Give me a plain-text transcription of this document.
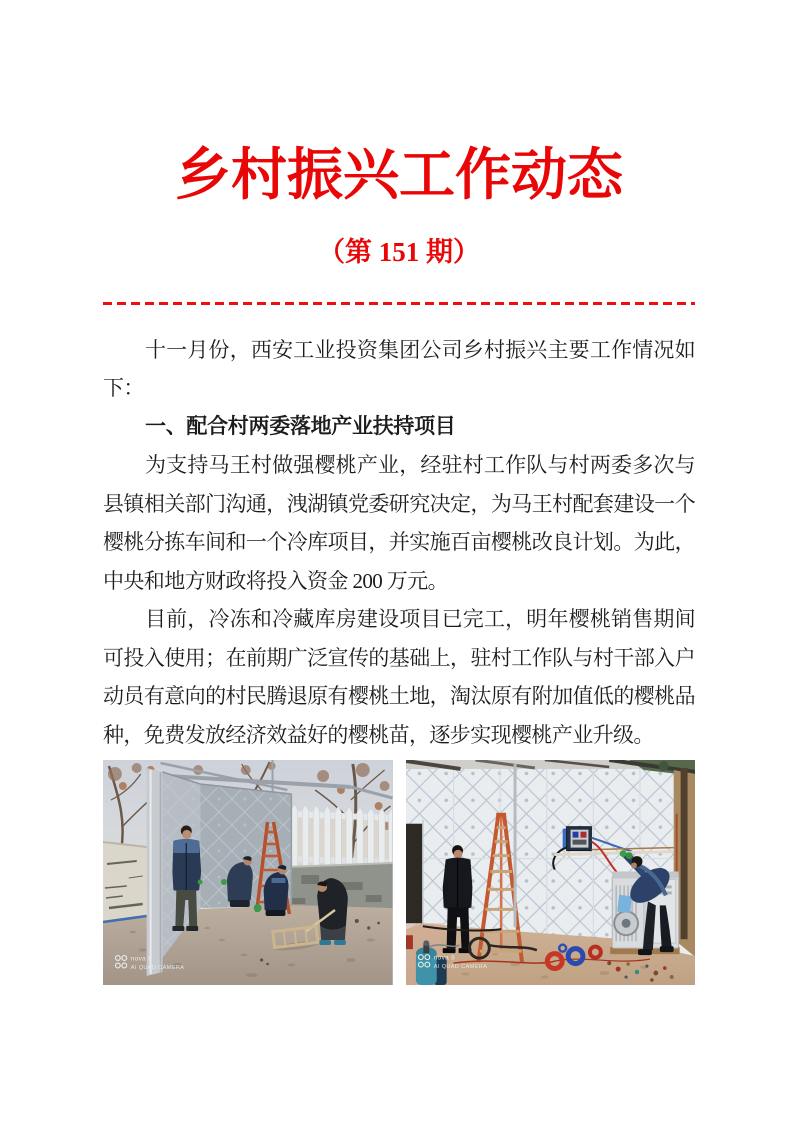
乡村振兴工作动态
（第 151 期）

十一月份，西安工业投资集团公司乡村振兴主要工作情况如下：

一、配合村两委落地产业扶持项目

为支持马王村做强樱桃产业，经驻村工作队与村两委多次与县镇相关部门沟通，洩湖镇党委研究决定，为马王村配套建设一个樱桃分拣车间和一个冷库项目，并实施百亩樱桃改良计划。为此，中央和地方财政将投入资金 200 万元。

目前，冷冻和冷藏库房建设项目已完工，明年樱桃销售期间可投入使用；在前期广泛宣传的基础上，驻村工作队与村干部入户动员有意向的村民腾退原有樱桃土地，淘汰原有附加值低的樱桃品种，免费发放经济效益好的樱桃苗，逐步实现樱桃产业升级。

nova 8
AI QUAD CAMERA
nova 8
AI QUAD CAMERA
